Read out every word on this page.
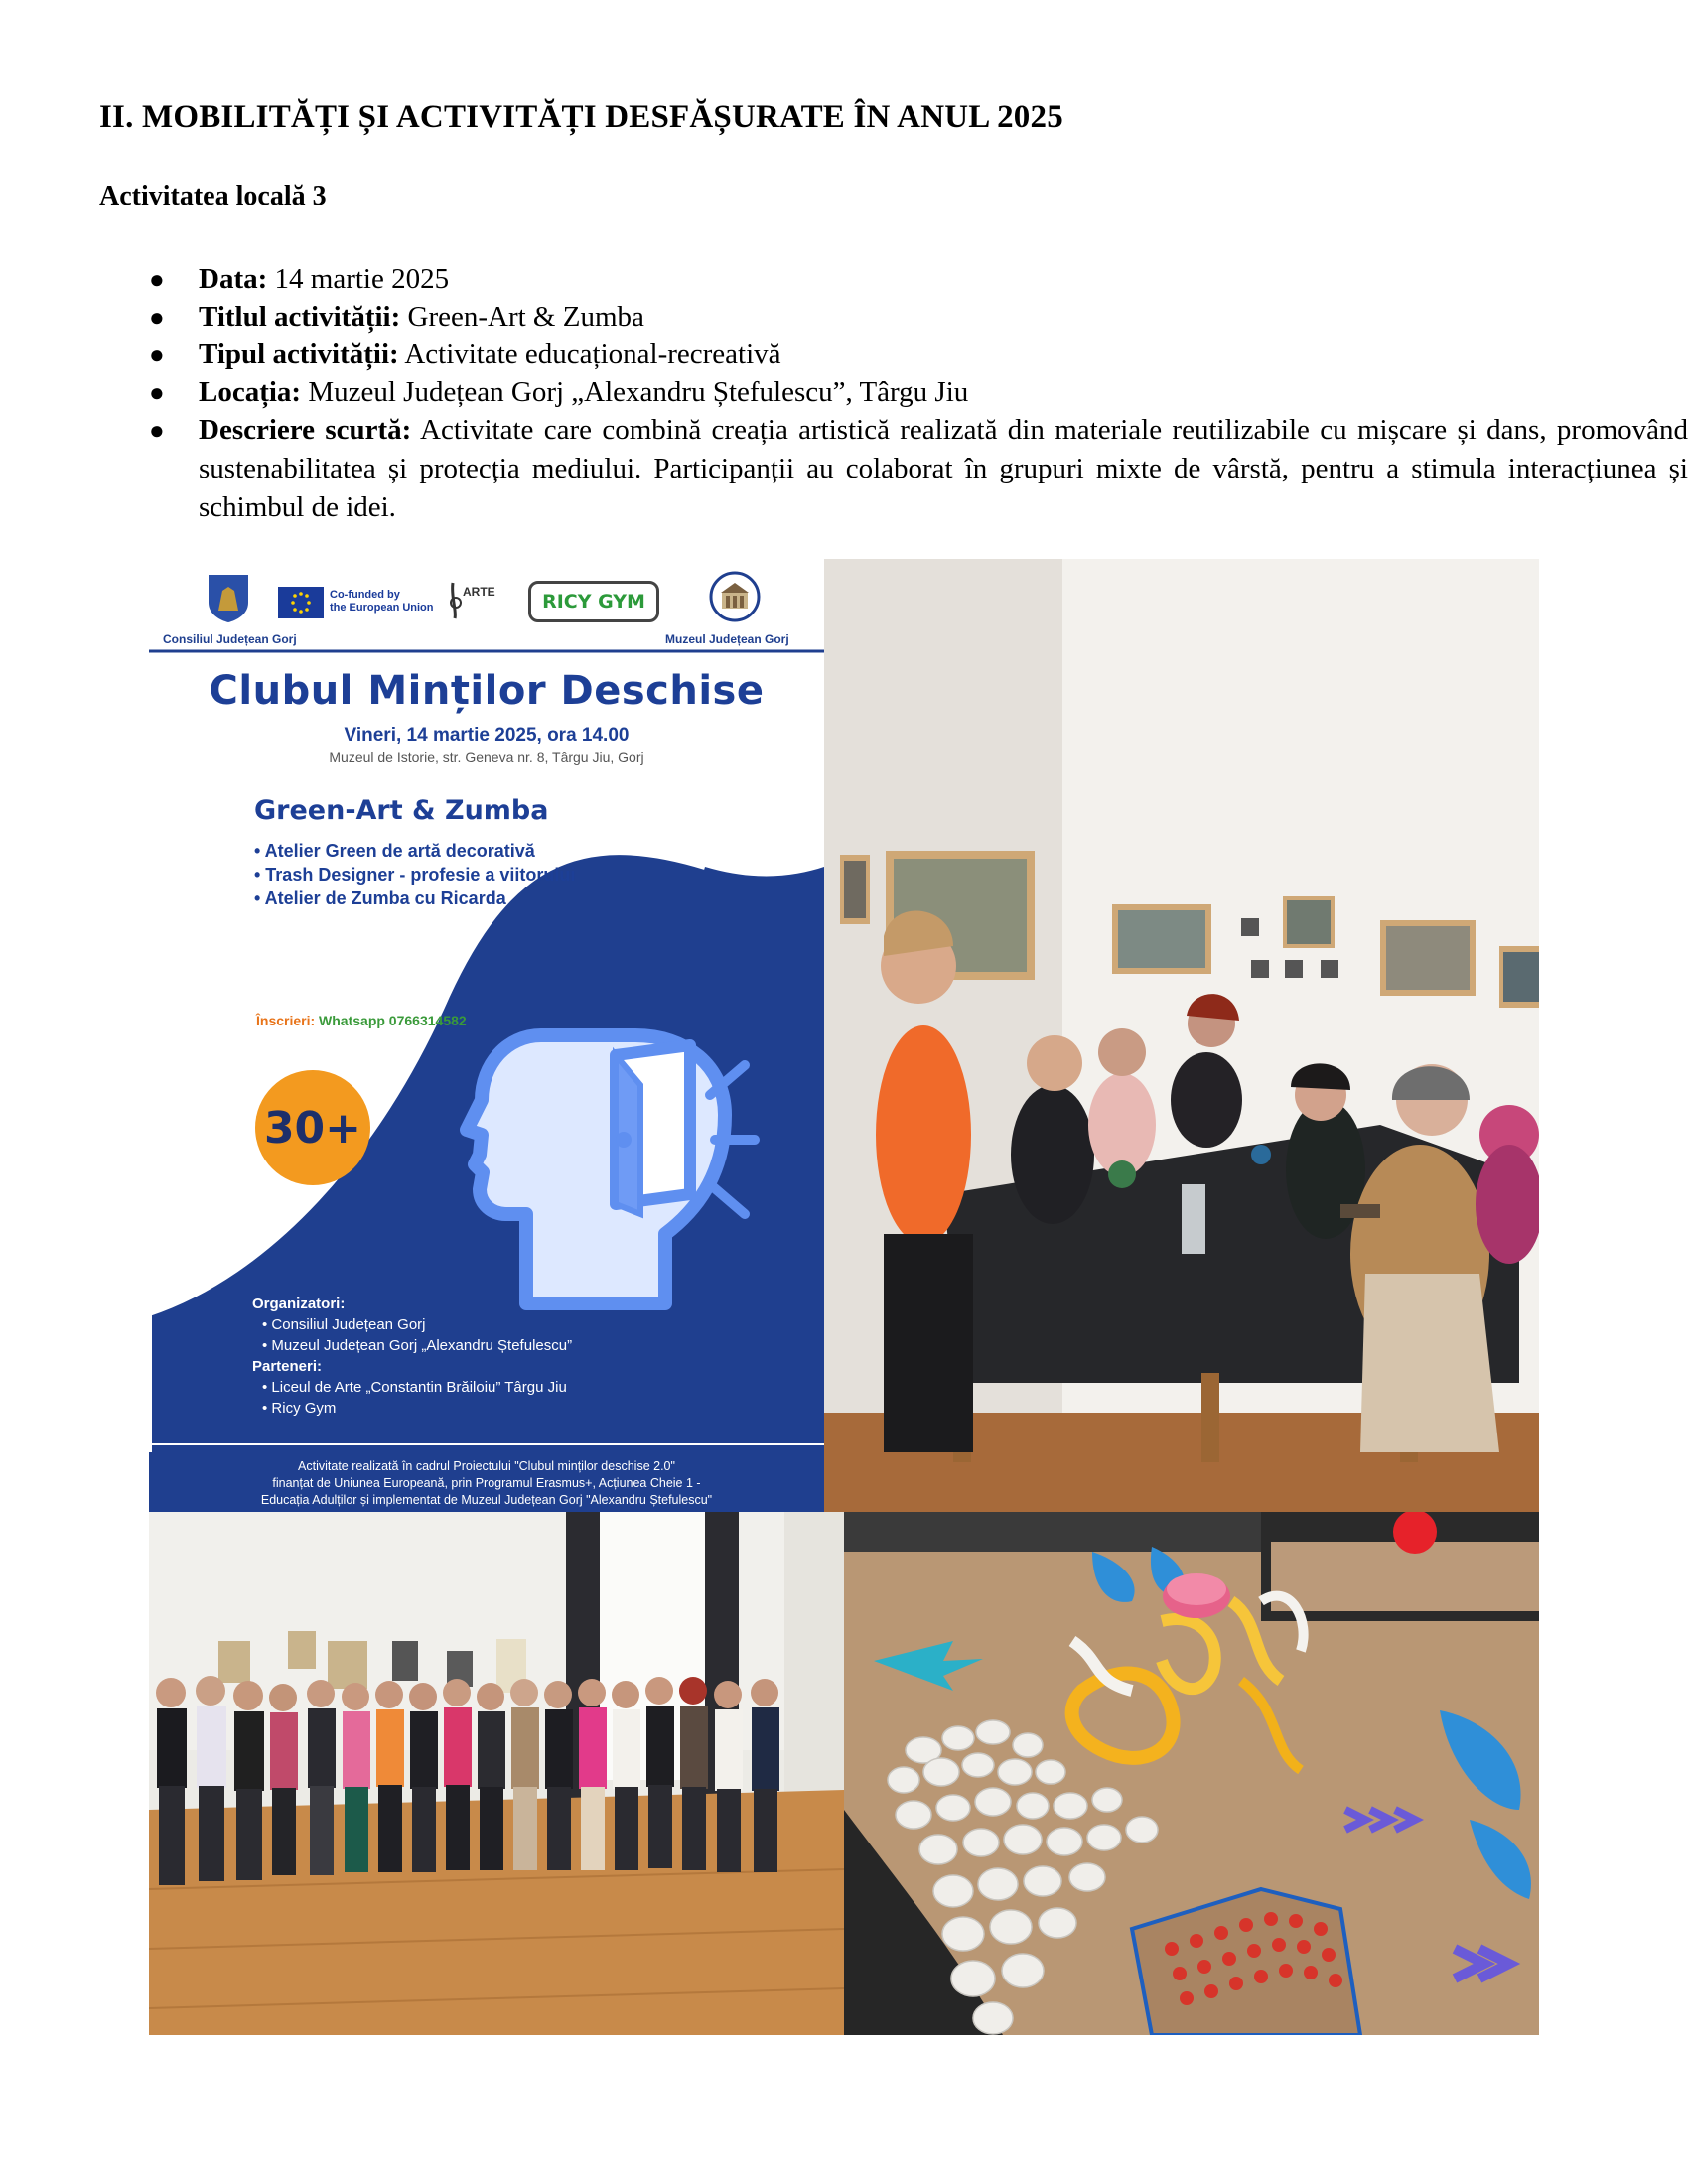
II. MOBILITĂȚI ȘI ACTIVITĂȚI DESFĂȘURATE ÎN ANUL 2025
Activitatea locală 3
● Data: 14 martie 2025
● Titlul activității: Green-Art & Zumba
● Tipul activității: Activitate educațional-recreativă
● Locația: Muzeul Județean Gorj „Alexandru Ștefulescu”, Târgu Jiu
● Descriere scurtă: Activitate care combină creația artistică realizată din materiale reutilizabile cu mișcare și dans, promovând sustenabilitatea și protecția mediului. Participanții au colaborat în grupuri mixte de vârstă, pentru a stimula interacțiunea și schimbul de idei.
Consiliul Județean Gorj
Co-funded by
the European Union
ARTE	RICY GYM
Muzeul Județean Gorj
Clubul Minților Deschise
Vineri, 14 martie 2025, ora 14.00
Muzeul de Istorie, str. Geneva nr. 8, Târgu Jiu, Gorj
Green-Art & Zumba
• Atelier Green de artă decorativă
• Trash Designer - profesie a viitorului
• Atelier de Zumba cu Ricarda
Înscrieri: Whatsapp 0766314582
30+
Organizatori:
• Consiliul Județean Gorj
• Muzeul Județean Gorj „Alexandru Ștefulescu”
Parteneri:
• Liceul de Arte „Constantin Brăiloiu” Târgu Jiu
• Ricy Gym
Activitate realizată în cadrul Proiectului "Clubul minților deschise 2.0"
finanțat de Uniunea Europeană, prin Programul Erasmus+, Acțiunea Cheie 1 -
Educația Adulților și implementat de Muzeul Județean Gorj "Alexandru Ștefulescu"
